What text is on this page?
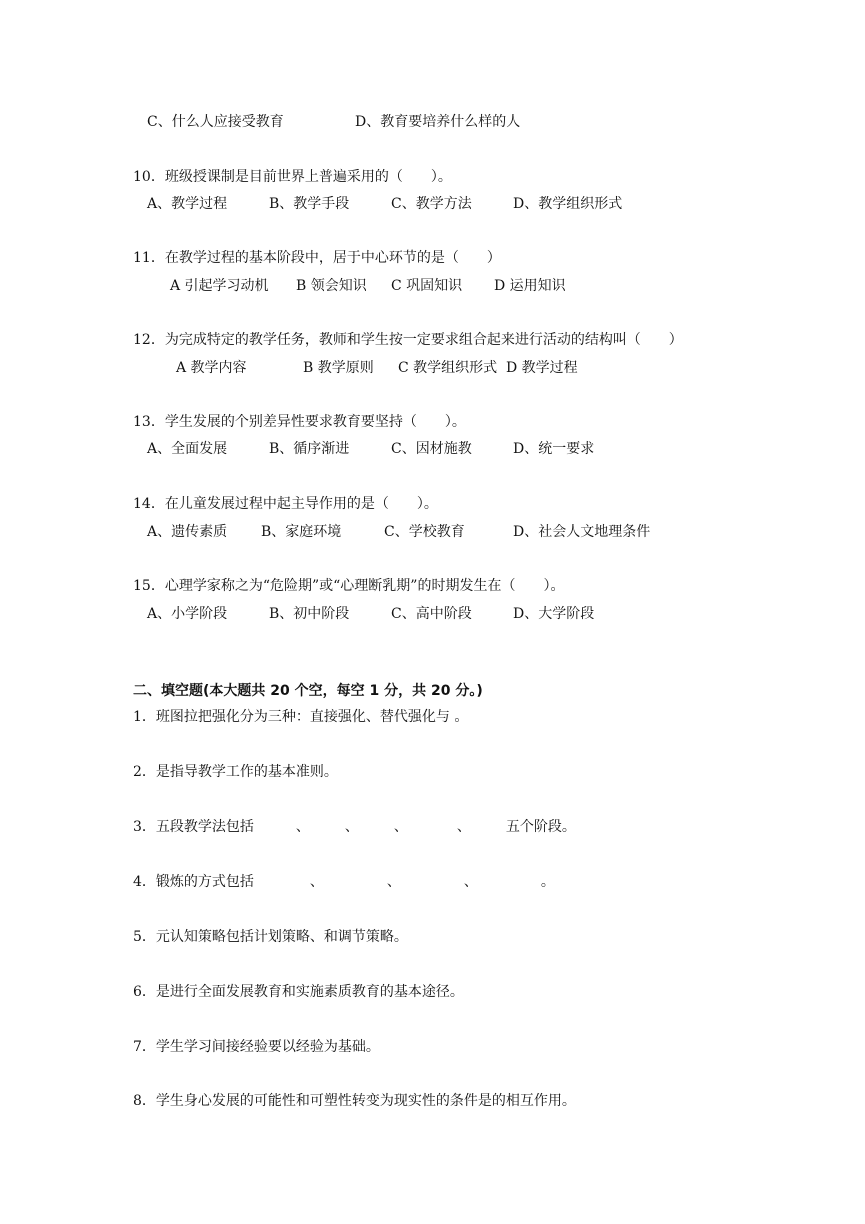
C、什么人应接受教育	D、教育要培养什么样的人
10．班级授课制是目前世界上普遍采用的（　　）。
A、教学过程	B、教学手段	C、教学方法	D、教学组织形式
11．在教学过程的基本阶段中，居于中心环节的是（　　）
A 引起学习动机 B 领会知识 C 巩固知识 D 运用知识
12．为完成特定的教学任务，教师和学生按一定要求组合起来进行活动的结构叫（　　）
A 教学内容	B 教学原则 C 教学组织形式 D 教学过程
13．学生发展的个别差异性要求教育要坚持（　　）。
A、全面发展	B、循序渐进	C、因材施教	D、统一要求
14．在儿童发展过程中起主导作用的是（　　）。
A、遗传素质 B、家庭环境	C、学校教育	D、社会人文地理条件
15．心理学家称之为“危险期”或“心理断乳期”的时期发生在（　　）。
A、小学阶段	B、初中阶段	C、高中阶段	D、大学阶段
二、填空题(本大题共 20 个空，每空 1 分，共 20 分。)
1．班图拉把强化分为三种：直接强化、替代强化与 。
2．是指导教学工作的基本准则。
3．五段教学法包括　　　、　　　、　　　、　　　　、　　　五个阶段。
4．锻炼的方式包括　　　　、　　　　　、　　　　　、　　　　　。
5．元认知策略包括计划策略、和调节策略。
6．是进行全面发展教育和实施素质教育的基本途径。
7．学生学习间接经验要以经验为基础。
8．学生身心发展的可能性和可塑性转变为现实性的条件是的相互作用。
